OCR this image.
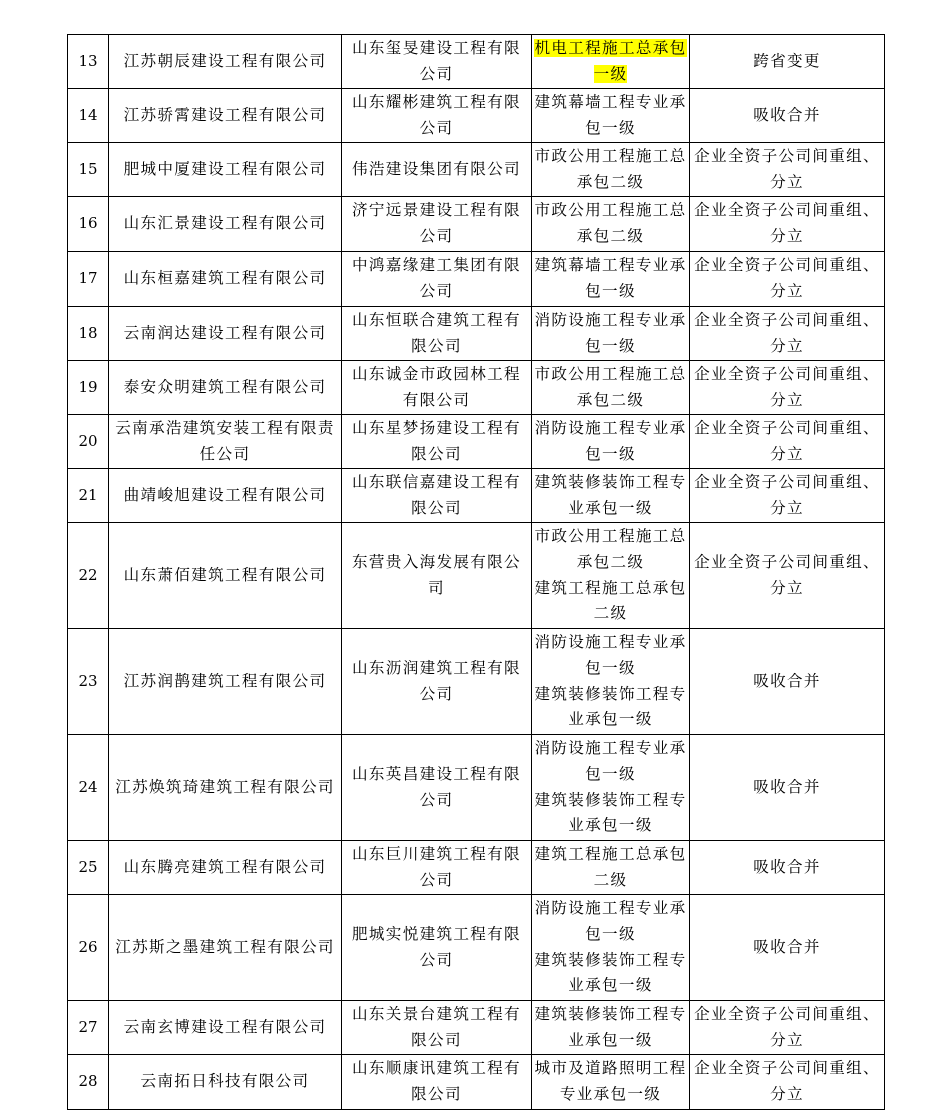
13	江苏朝辰建设工程有限公司	山东玺旻建设工程有限公司	机电工程施工总承包一级	跨省变更
14	江苏骄霄建设工程有限公司	山东耀彬建筑工程有限公司	建筑幕墙工程专业承包一级	吸收合并
15	肥城中厦建设工程有限公司	伟浩建设集团有限公司	市政公用工程施工总承包二级	企业全资子公司间重组、分立
16	山东汇景建设工程有限公司	济宁远景建设工程有限公司	市政公用工程施工总承包二级	企业全资子公司间重组、分立
17	山东桓嘉建筑工程有限公司	中鸿嘉缘建工集团有限公司	建筑幕墙工程专业承包一级	企业全资子公司间重组、分立
18	云南润达建设工程有限公司	山东恒联合建筑工程有限公司	消防设施工程专业承包一级	企业全资子公司间重组、分立
19	泰安众明建筑工程有限公司	山东诚金市政园林工程有限公司	市政公用工程施工总承包二级	企业全资子公司间重组、分立
20	云南承浩建筑安装工程有限责任公司	山东星梦扬建设工程有限公司	消防设施工程专业承包一级	企业全资子公司间重组、分立
21	曲靖峻旭建设工程有限公司	山东联信嘉建设工程有限公司	建筑装修装饰工程专业承包一级	企业全资子公司间重组、分立
22	山东萧佰建筑工程有限公司	东营贵入海发展有限公司	市政公用工程施工总承包二级
建筑工程施工总承包二级	企业全资子公司间重组、分立
23	江苏润鹊建筑工程有限公司	山东沥润建筑工程有限公司	消防设施工程专业承包一级
建筑装修装饰工程专业承包一级	吸收合并
24	江苏焕筑琦建筑工程有限公司	山东英昌建设工程有限公司	消防设施工程专业承包一级
建筑装修装饰工程专业承包一级	吸收合并
25	山东腾亮建筑工程有限公司	山东巨川建筑工程有限公司	建筑工程施工总承包二级	吸收合并
26	江苏斯之墨建筑工程有限公司	肥城实悦建筑工程有限公司	消防设施工程专业承包一级
建筑装修装饰工程专业承包一级	吸收合并
27	云南玄博建设工程有限公司	山东关景台建筑工程有限公司	建筑装修装饰工程专业承包一级	企业全资子公司间重组、分立
28	云南拓日科技有限公司	山东顺康讯建筑工程有限公司	城市及道路照明工程专业承包一级	企业全资子公司间重组、分立
